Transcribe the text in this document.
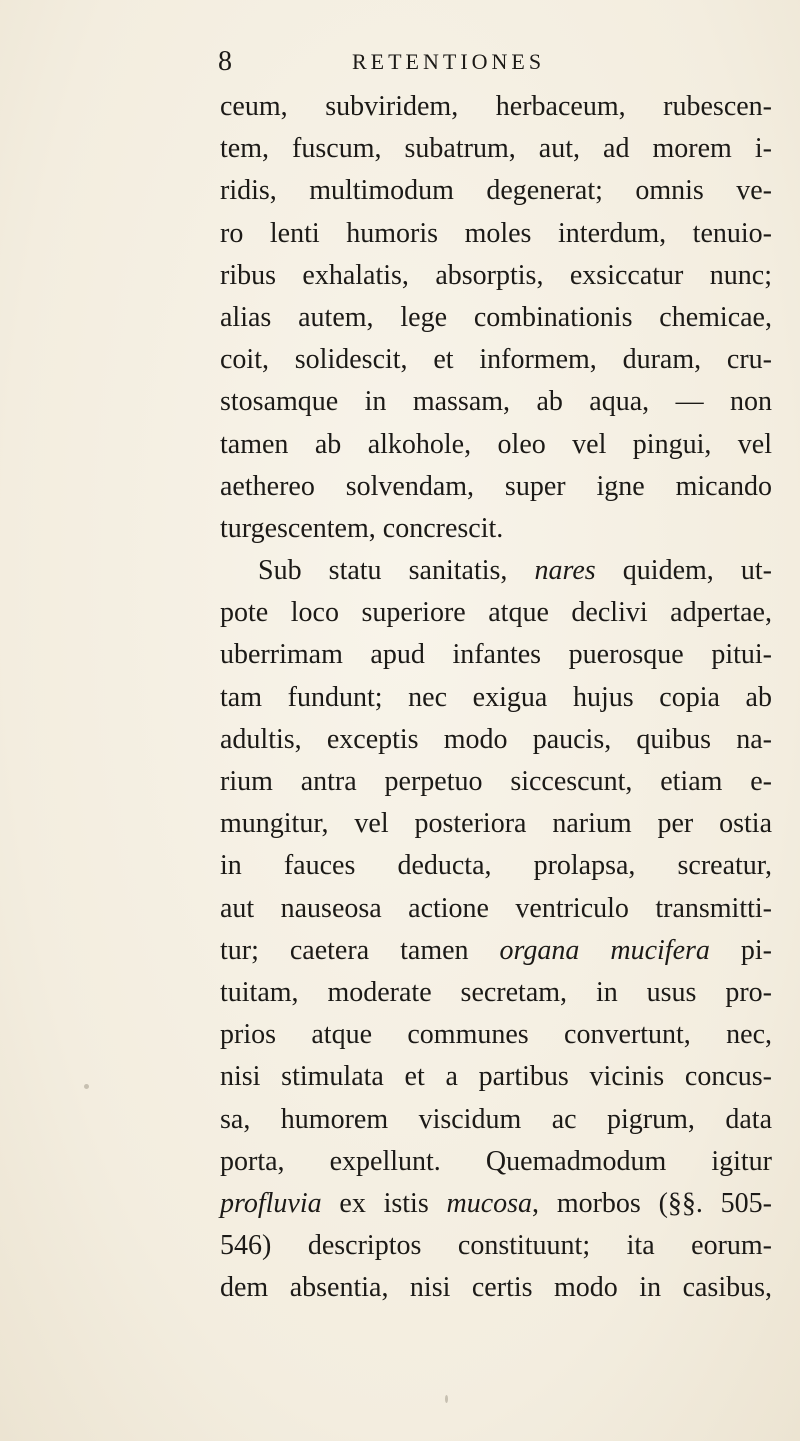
8	RETENTIONES
ceum, subviridem, herbaceum, rubescen-
tem, fuscum, subatrum, aut, ad morem i-
ridis, multimodum degenerat; omnis ve-
ro lenti humoris moles interdum, tenuio-
ribus exhalatis, absorptis, exsiccatur nunc;
alias autem, lege combinationis chemicae,
coit, solidescit, et informem, duram, cru-
stosamque in massam, ab aqua, — non
tamen ab alkohole, oleo vel pingui, vel
aethereo solvendam, super igne micando
turgescentem, concrescit.
Sub statu sanitatis, nares quidem, ut-
pote loco superiore atque declivi adpertae,
uberrimam apud infantes puerosque pitui-
tam fundunt; nec exigua hujus copia ab
adultis, exceptis modo paucis, quibus na-
rium antra perpetuo siccescunt, etiam e-
mungitur, vel posteriora narium per ostia
in fauces deducta, prolapsa, screatur,
aut nauseosa actione ventriculo transmitti-
tur; caetera tamen organa mucifera pi-
tuitam, moderate secretam, in usus pro-
prios atque communes convertunt, nec,
nisi stimulata et a partibus vicinis concus-
sa, humorem viscidum ac pigrum, data
porta, expellunt. Quemadmodum igitur
profluvia ex istis mucosa, morbos (§§. 505-
546) descriptos constituunt; ita eorum-
dem absentia, nisi certis modo in casibus,
